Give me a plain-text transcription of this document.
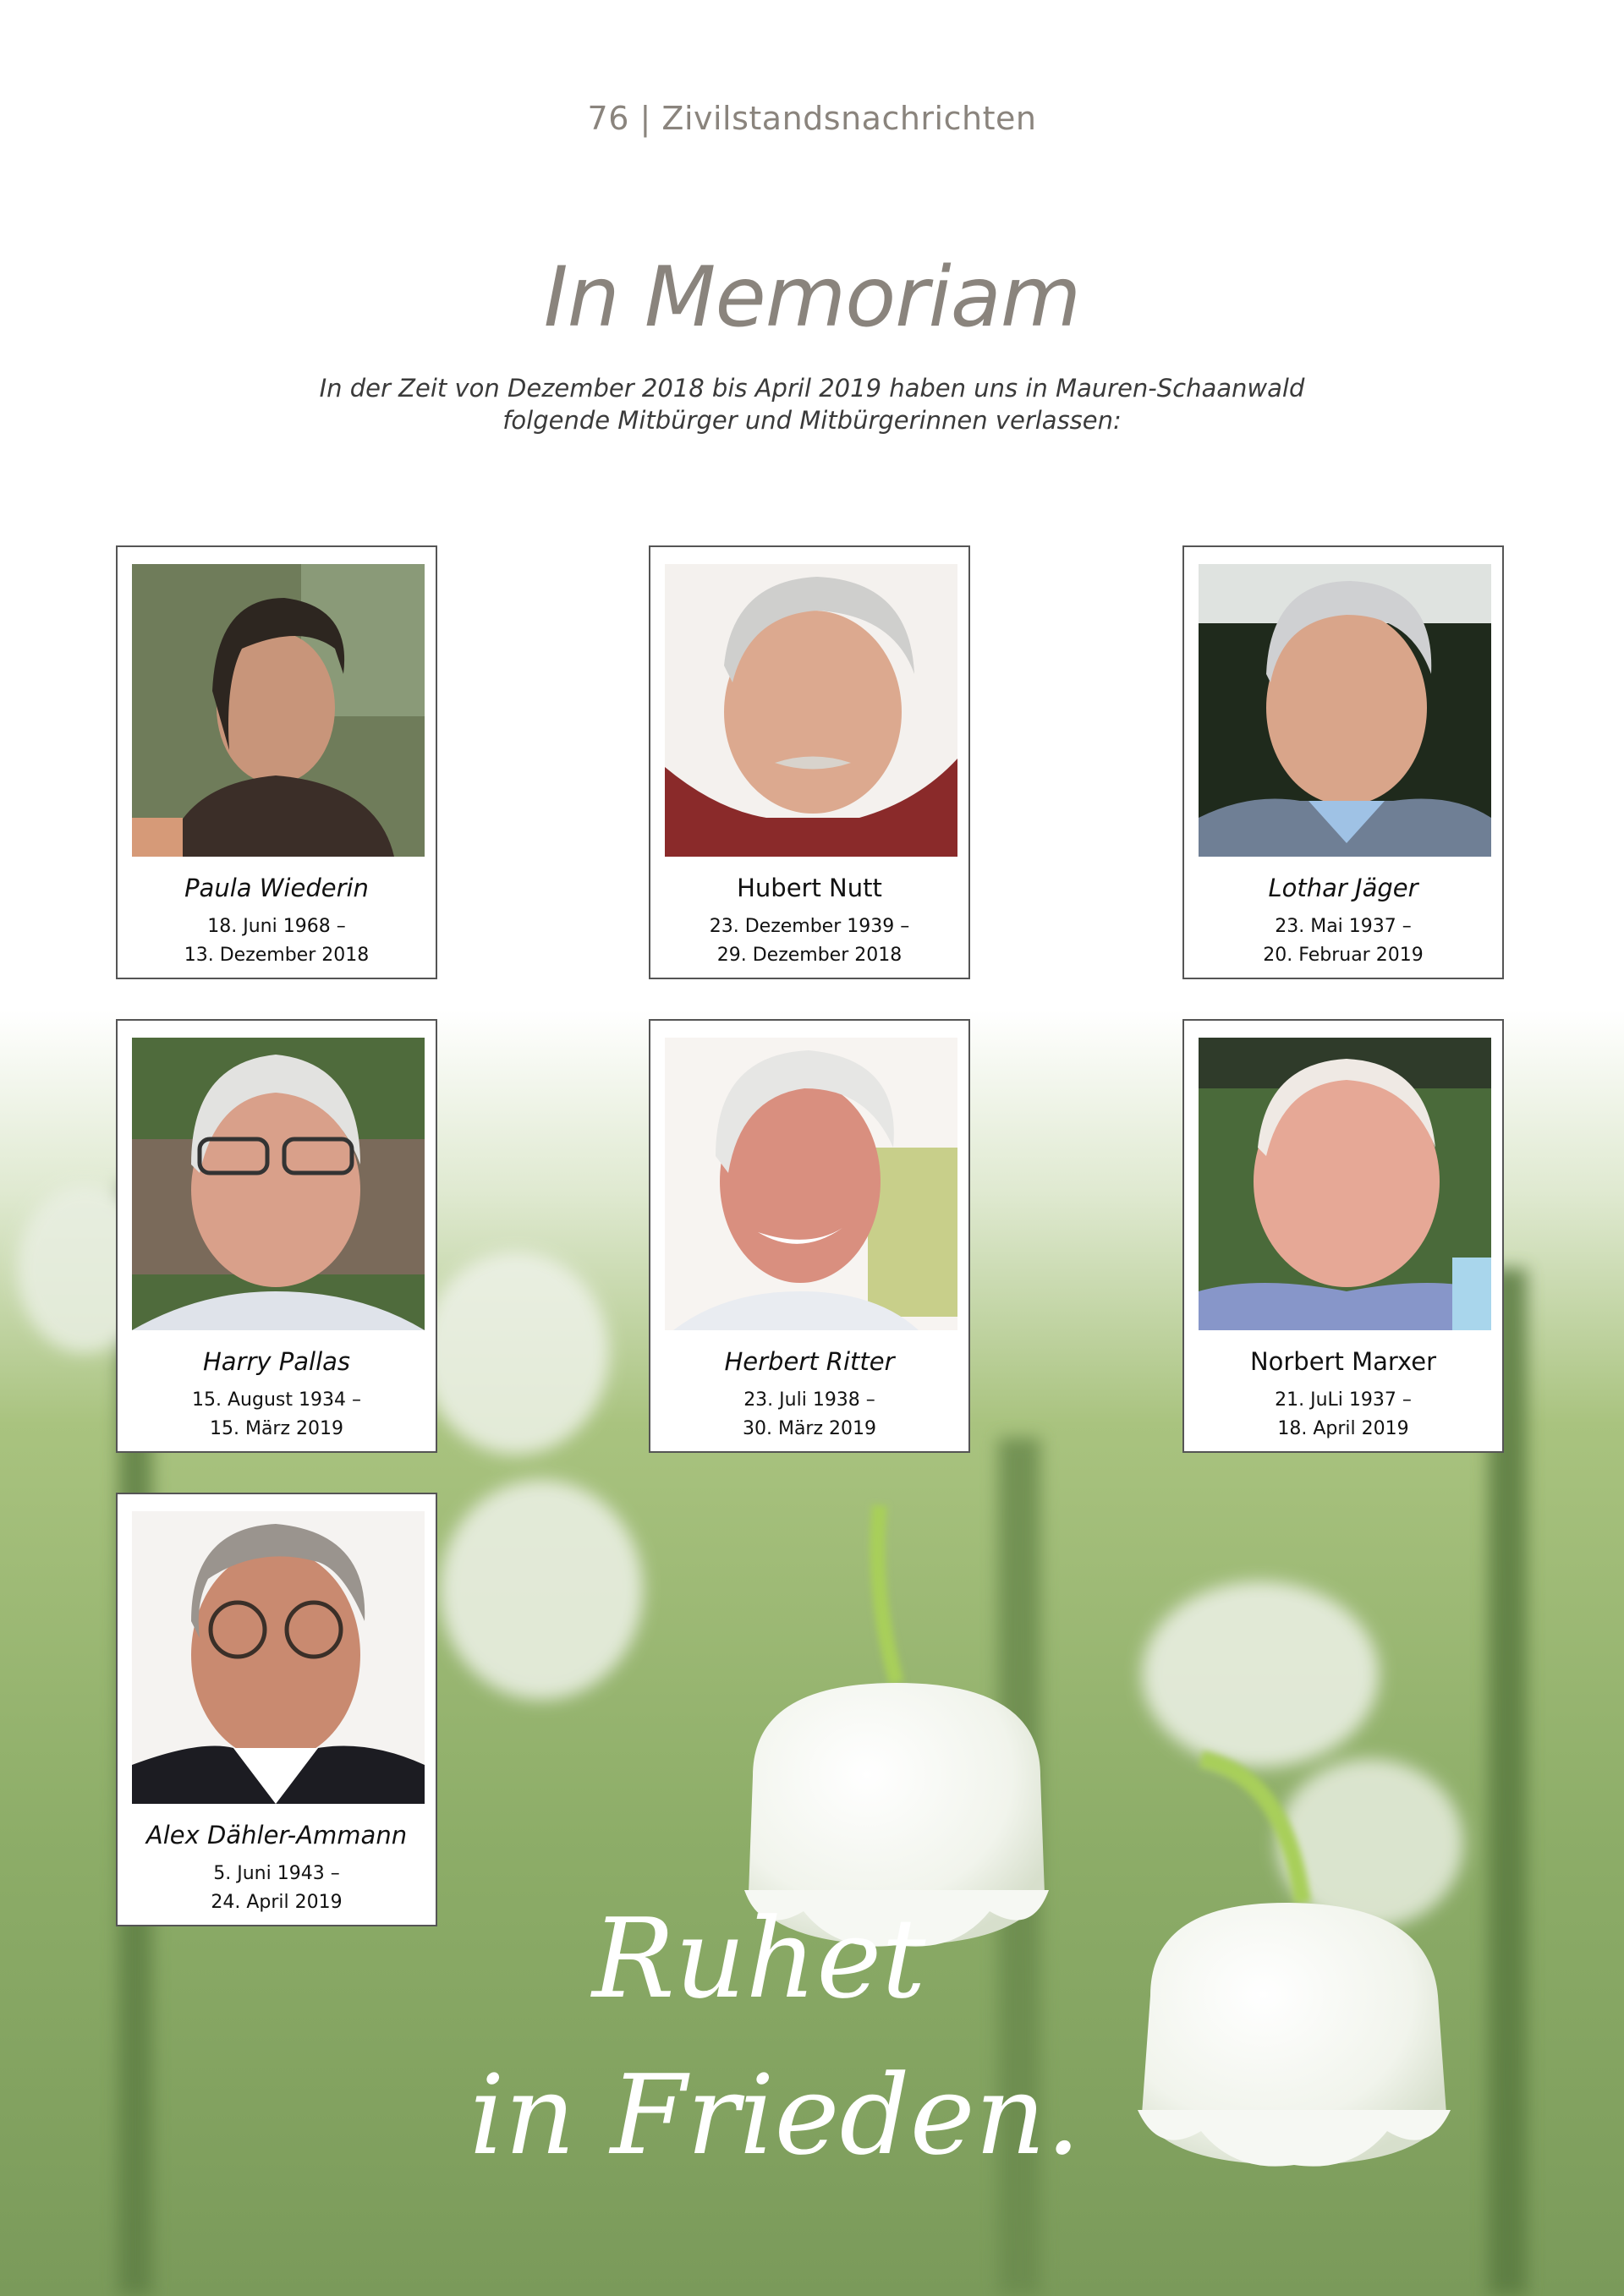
76 | Zivilstandsnachrichten
In Memoriam
In der Zeit von Dezember 2018 bis April 2019 haben uns in Mauren-Schaanwald
folgende Mitbürger und Mitbürgerinnen verlassen:
Paula Wiederin
18. Juni 1968 –
13. Dezember 2018
Hubert Nutt
23. Dezember 1939 –
29. Dezember 2018
Lothar Jäger
23. Mai 1937 –
20. Februar 2019
Harry Pallas
15. August 1934 –
15. März 2019
Herbert Ritter
23. Juli 1938 –
30. März 2019
Norbert Marxer
21. JuLi 1937 –
18. April 2019
Alex Dähler-Ammann
5. Juni 1943 –
24. April 2019	Ruhet
in Frieden.
